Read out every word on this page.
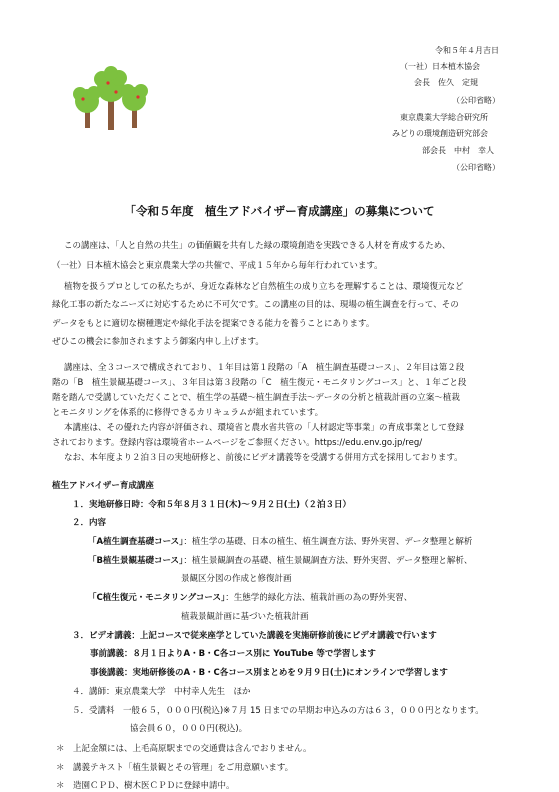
令和５年４月吉日
（一社）日本植木協会
会長　佐久　定規
（公印省略）
東京農業大学総合研究所
みどりの環境創造研究部会
部会長　中村　幸人
（公印省略）
「令和５年度　植生アドバイザー育成講座」の募集について
この講座は、「人と自然の共生」の価値観を共有した緑の環境創造を実践できる人材を育成するため、
（一社）日本植木協会と東京農業大学の共催で、平成１５年から毎年行われています。
植物を扱うプロとしての私たちが、身近な森林など自然植生の成り立ちを理解することは、環境復元など
緑化工事の新たなニーズに対応するために不可欠です。この講座の目的は、現場の植生調査を行って、その
データをもとに適切な樹種選定や緑化手法を提案できる能力を養うことにあります。
ぜひこの機会に参加されますよう御案内申し上げます。
講座は、全３コースで構成されており、１年目は第１段階の「A　植生調査基礎コース」、２年目は第２段
階の「B　植生景観基礎コース」、３年目は第３段階の「C　植生復元・モニタリングコース」と、１年ごと段
階を踏んで受講していただくことで、植生学の基礎～植生調査手法～データの分析と植栽計画の立案～植栽
とモニタリングを体系的に修得できるカリキュラムが組まれています。
本講座は、その優れた内容が評価され、環境省と農水省共管の「人材認定等事業」の育成事業として登録
されております。登録内容は環境省ホームページをご参照ください。https://edu.env.go.jp/reg/
なお、本年度より２泊３日の実地研修と、前後にビデオ講義等を受講する併用方式を採用しております。
植生アドバイザー育成講座
１．実地研修日時：令和５年８月３１日(木)～９月２日(土)（２泊３日）
２．内容
「A植生調査基礎コース」：植生学の基礎、日本の植生、植生調査方法、野外実習、データ整理と解析
「B植生景観基礎コース」：植生景観調査の基礎、植生景観調査方法、野外実習、データ整理と解析、
景観区分図の作成と修復計画
「C植生復元・モニタリングコース」：生態学的緑化方法、植栽計画の為の野外実習、
植栽景観計画に基づいた植栽計画
３．ビデオ講義：上記コースで従来座学としていた講義を実施研修前後にビデオ講義で行います
事前講義：８月１日よりA・B・C各コース別に YouTube 等で学習します
事後講義：実地研修後のA・B・C各コース別まとめを９月９日(土)にオンラインで学習します
４．講師：東京農業大学　中村幸人先生　ほか
５．受講料　一般６５，０００円(税込)※７月 15 日までの早期お申込みの方は６３，０００円となります。
協会員６０，０００円(税込)。
＊　上記金額には、上毛高原駅までの交通費は含んでおりません。
＊　講義テキスト「植生景観とその管理」をご用意願います。
＊　造園ＣＰＤ、樹木医ＣＰＤに登録申請中。
